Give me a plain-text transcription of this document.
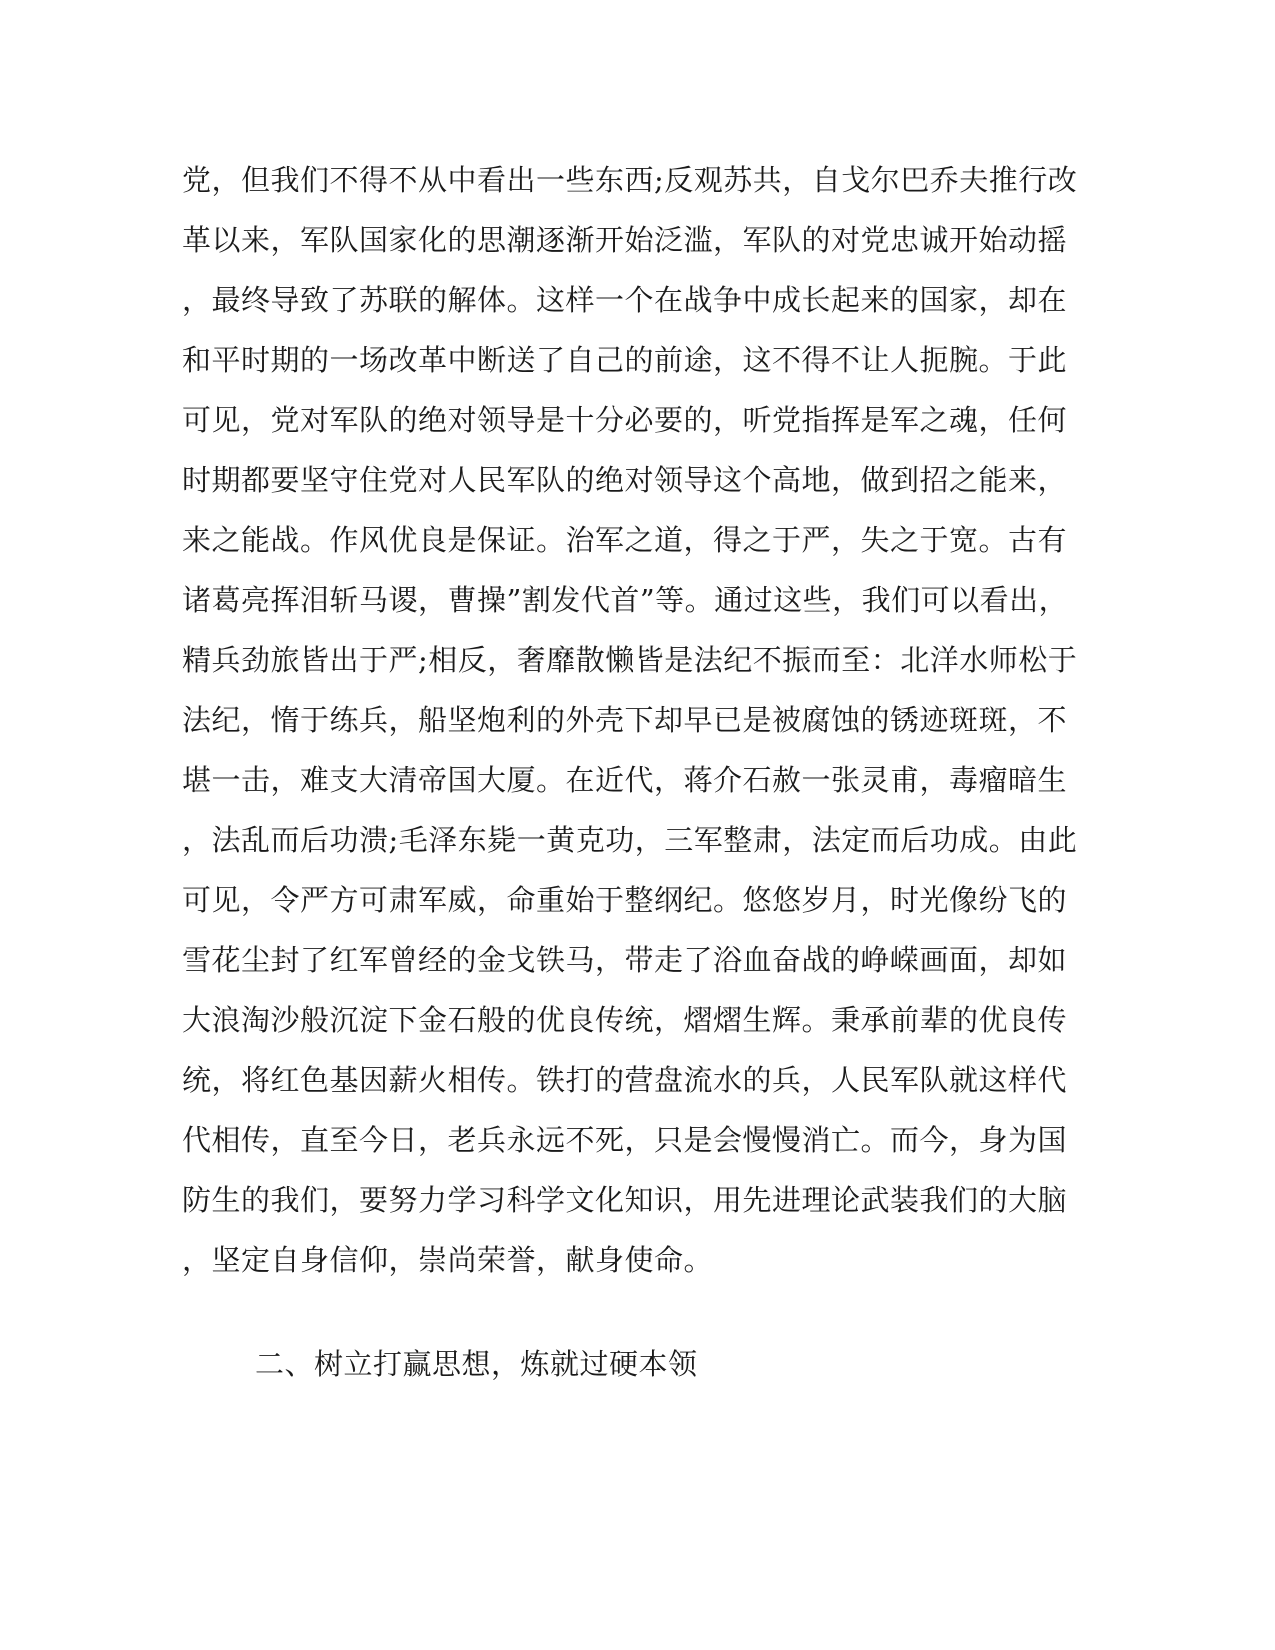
党，但我们不得不从中看出一些东西;反观苏共，自戈尔巴乔夫推行改
革以来，军队国家化的思潮逐渐开始泛滥，军队的对党忠诚开始动摇
，最终导致了苏联的解体。这样一个在战争中成长起来的国家，却在
和平时期的一场改革中断送了自己的前途，这不得不让人扼腕。于此
可见，党对军队的绝对领导是十分必要的，听党指挥是军之魂，任何
时期都要坚守住党对人民军队的绝对领导这个高地，做到招之能来，
来之能战。作风优良是保证。治军之道，得之于严，失之于宽。古有
诸葛亮挥泪斩马谡，曹操”割发代首”等。通过这些，我们可以看出，
精兵劲旅皆出于严;相反，奢靡散懒皆是法纪不振而至：北洋水师松于
法纪，惰于练兵，船坚炮利的外壳下却早已是被腐蚀的锈迹斑斑，不
堪一击，难支大清帝国大厦。在近代，蒋介石赦一张灵甫，毒瘤暗生
，法乱而后功溃;毛泽东毙一黄克功，三军整肃，法定而后功成。由此
可见，令严方可肃军威，命重始于整纲纪。悠悠岁月，时光像纷飞的
雪花尘封了红军曾经的金戈铁马，带走了浴血奋战的峥嵘画面，却如
大浪淘沙般沉淀下金石般的优良传统，熠熠生辉。秉承前辈的优良传
统，将红色基因薪火相传。铁打的营盘流水的兵，人民军队就这样代
代相传，直至今日，老兵永远不死，只是会慢慢消亡。而今，身为国
防生的我们，要努力学习科学文化知识，用先进理论武装我们的大脑
，坚定自身信仰，崇尚荣誉，献身使命。
二、树立打赢思想，炼就过硬本领
